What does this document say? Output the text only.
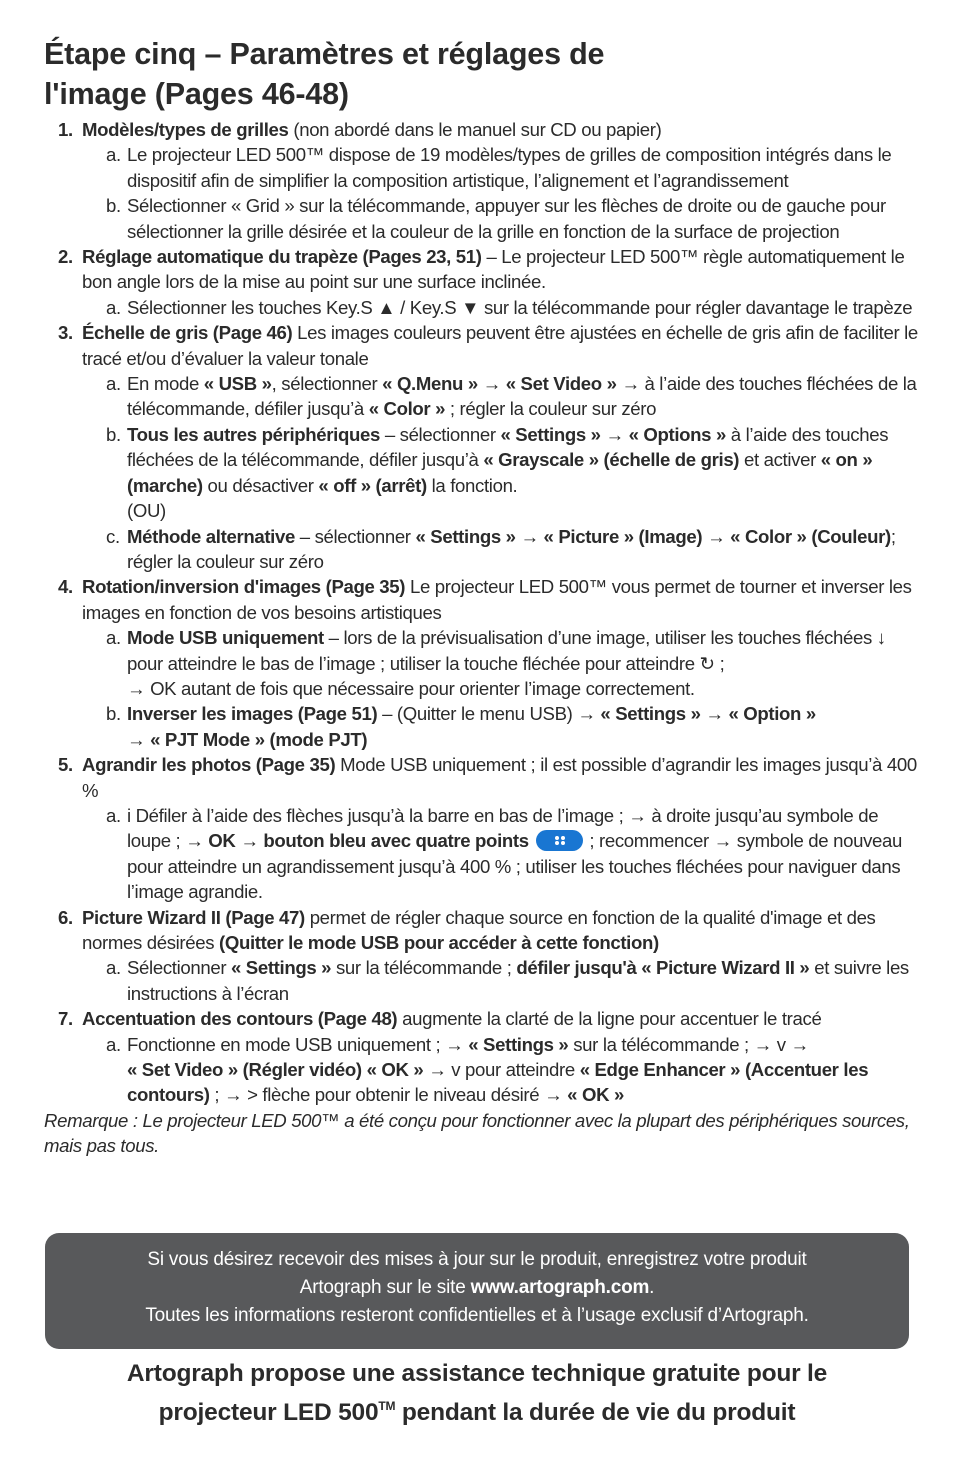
Étape cinq – Paramètres et réglages de
l'image (Pages 46-48)
1. Modèles/types de grilles (non abordé dans le manuel sur CD ou papier)
a. Le projecteur LED 500™ dispose de 19 modèles/types de grilles de composition intégrés dans le dispositif afin de simplifier la composition artistique, l’alignement et l’agrandissement
b. Sélectionner « Grid » sur la télécommande, appuyer sur les flèches de droite ou de gauche pour sélectionner la grille désirée et la couleur de la grille en fonction de la surface de projection
2. Réglage automatique du trapèze (Pages 23, 51) – Le projecteur LED 500™ règle automatiquement le bon angle lors de la mise au point sur une surface inclinée.
a. Sélectionner les touches Key.S ▲ / Key.S ▼ sur la télécommande pour régler davantage le trapèze
3. Échelle de gris (Page 46) Les images couleurs peuvent être ajustées en échelle de gris afin de faciliter le tracé et/ou d’évaluer la valeur tonale
a. En mode « USB », sélectionner « Q.Menu » → « Set Video » → à l’aide des touches fléchées de la télécommande, défiler jusqu’à « Color » ; régler la couleur sur zéro
b. Tous les autres périphériques – sélectionner « Settings » → « Options » à l’aide des touches fléchées de la télécommande, défiler jusqu’à « Grayscale » (échelle de gris) et activer « on » (marche) ou désactiver « off » (arrêt) la fonction.
(OU)
c. Méthode alternative – sélectionner « Settings » → « Picture » (Image) → « Color » (Couleur); régler la couleur sur zéro
4. Rotation/inversion d'images (Page 35) Le projecteur LED 500™ vous permet de tourner et inverser les images en fonction de vos besoins artistiques
a. Mode USB uniquement – lors de la prévisualisation d’une image, utiliser les touches fléchées ↓ pour atteindre le bas de l’image ; utiliser la touche fléchée pour atteindre ↻ ;
→ OK autant de fois que nécessaire pour orienter l’image correctement.
b. Inverser les images (Page 51) – (Quitter le menu USB) → « Settings » → « Option »
→ « PJT Mode » (mode PJT)
5. Agrandir les photos (Page 35) Mode USB uniquement ; il est possible d’agrandir les images jusqu’à 400 %
a. i Défiler à l’aide des flèches jusqu’à la barre en bas de l’image ; → à droite jusqu’au symbole de loupe ; → OK → bouton bleu avec quatre points	; recommencer → symbole de nouveau pour atteindre un agrandissement jusqu’à 400 % ; utiliser les touches fléchées pour naviguer dans l’image agrandie.
6. Picture Wizard II (Page 47) permet de régler chaque source en fonction de la qualité d'image et des normes désirées (Quitter le mode USB pour accéder à cette fonction)
a. Sélectionner « Settings » sur la télécommande ; défiler jusqu'à « Picture Wizard II » et suivre les instructions à l’écran
7. Accentuation des contours (Page 48) augmente la clarté de la ligne pour accentuer le tracé
a. Fonctionne en mode USB uniquement ; → « Settings » sur la télécommande ; → v →
« Set Video » (Régler vidéo) « OK » → v pour atteindre « Edge Enhancer » (Accentuer les contours) ; → > flèche pour obtenir le niveau désiré → « OK »
Remarque : Le projecteur LED 500™ a été conçu pour fonctionner avec la plupart des périphériques sources, mais pas tous.
Si vous désirez recevoir des mises à jour sur le produit, enregistrez votre produit
Artograph sur le site www.artograph.com.
Toutes les informations resteront confidentielles et à l’usage exclusif d’Artograph.
Artograph propose une assistance technique gratuite pour le
projecteur LED 500™ pendant la durée de vie du produit
